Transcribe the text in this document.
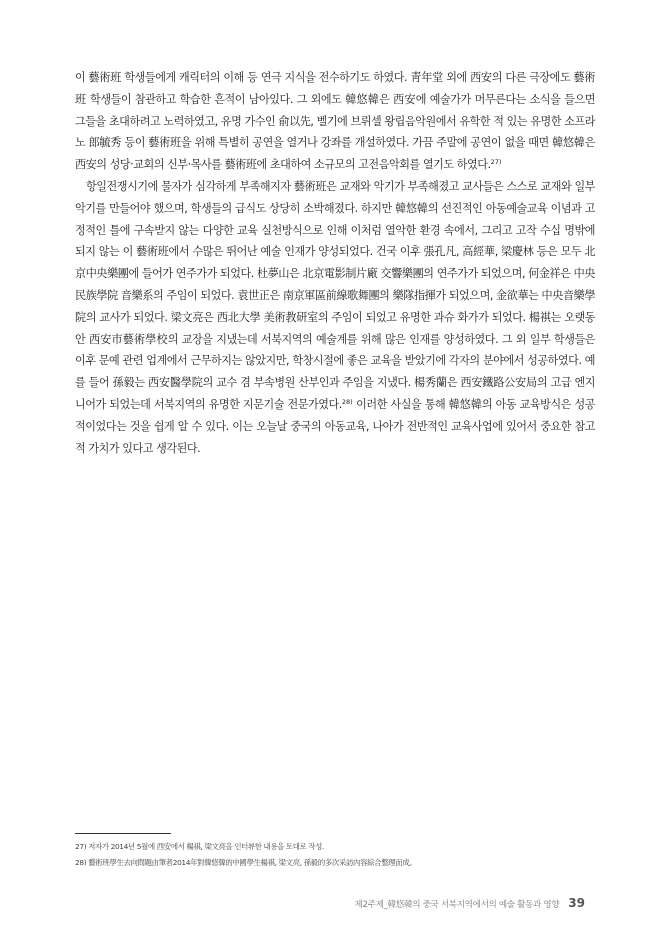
이 藝術班 학생들에게 캐릭터의 이해 등 연극 지식을 전수하기도 하였다. 靑年堂 외에 西安의 다른 극장에도 藝術班 학생들이 참관하고 학습한 흔적이 남아있다. 그 외에도 韓悠韓은 西安에 예술가가 머무른다는 소식을 들으면 그들을 초대하려고 노력하였고, 유명 가수인 俞以先, 벨기에 브뤼셀 왕립음악원에서 유학한 적 있는 유명한 소프라노 郎毓秀 등이 藝術班을 위해 특별히 공연을 열거나 강좌를 개설하였다. 가끔 주말에 공연이 없을 때면 韓悠韓은 西安의 성당·교회의 신부·목사를 藝術班에 초대하여 소규모의 고전음악회를 열기도 하였다.$^{27)}$

항일전쟁시기에 물자가 심각하게 부족해지자 藝術班은 교재와 악기가 부족해졌고 교사들은 스스로 교재와 일부 악기를 만들어야 했으며, 학생들의 급식도 상당히 소박해졌다. 하지만 韓悠韓의 선진적인 아동예술교육 이념과 고정적인 틀에 구속받지 않는 다양한 교육 실천방식으로 인해 이처럼 열악한 환경 속에서, 그리고 고작 수십 명밖에 되지 않는 이 藝術班에서 수많은 뛰어난 예술 인재가 양성되었다. 건국 이후 張孔凡, 高經華, 梁慶林 등은 모두 北京中央樂團에 들어가 연주가가 되었다. 杜夢山은 北京電影制片廠 交響樂團의 연주가가 되었으며, 何金祥은 中央民族學院 音樂系의 주임이 되었다. 袁世正은 南京軍區前線歌舞團의 樂隊指揮가 되었으며, 金欲華는 中央音樂學院의 교사가 되었다. 梁文亮은 西北大學 美術教研室의 주임이 되었고 유명한 과슈 화가가 되었다. 楊祺는 오랫동안 西安市藝術學校의 교장을 지냈는데 서북지역의 예술계를 위해 많은 인재를 양성하였다. 그 외 일부 학생들은 이후 문예 관련 업계에서 근무하지는 않았지만, 학창시절에 좋은 교육을 받았기에 각자의 분야에서 성공하였다. 예를 들어 孫毅는 西安醫學院의 교수 겸 부속병원 산부인과 주임을 지냈다. 楊秀蘭은 西安鐵路公安局의 고급 엔지니어가 되었는데 서북지역의 유명한 지문기술 전문가였다.$^{28)}$ 이러한 사실을 통해 韓悠韓의 아동 교육방식은 성공적이었다는 것을 쉽게 알 수 있다. 이는 오늘날 중국의 아동교육, 나아가 전반적인 교육사업에 있어서 중요한 참고적 가치가 있다고 생각된다.

27) 저자가 2014년 5월에 西安에서 楊祺, 梁文亮을 인터뷰한 내용을 토대로 작성.

28) 藝術班學生去向問題由筆者2014年對韓悠韓的中國學生楊祺, 梁文亮, 孫毅的多次采訪內容綜合整理而成。

제2주제_韓悠韓의 중국 서북지역에서의 예술 활동과 영향 39
